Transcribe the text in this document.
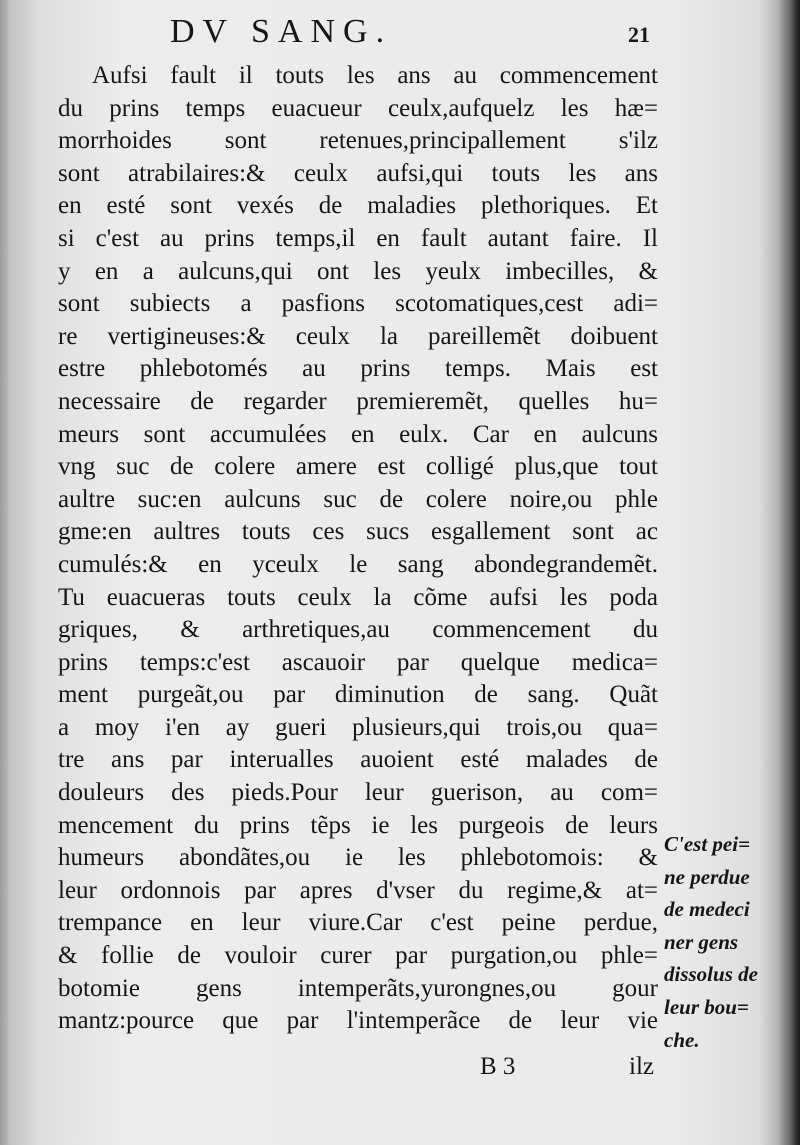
DV SANG.	21
Aufsi fault il touts les ans au commencement
du prins temps euacueur ceulx,aufquelz les hæ=
morrhoides sont retenues,principallement s'ilz
sont atrabilaires:& ceulx aufsi,qui touts les ans
en esté sont vexés de maladies plethoriques. Et
si c'est au prins temps,il en fault autant faire. Il
y en a aulcuns,qui ont les yeulx imbecilles, &
sont subiects a pasfions scotomatiques,cest adi=
re vertigineuses:& ceulx la pareillemẽt doibuent
estre phlebotomés au prins temps. Mais est
necessaire de regarder premieremẽt, quelles hu=
meurs sont accumulées en eulx. Car en aulcuns
vng suc de colere amere est colligé plus,que tout
aultre suc:en aulcuns suc de colere noire,ou phle
gme:en aultres touts ces sucs esgallement sont ac
cumulés:& en yceulx le sang abondegrandemẽt.
Tu euacueras touts ceulx la cõme aufsi les poda
griques, & arthretiques,au commencement du
prins temps:c'est ascauoir par quelque medica=
ment purgeãt,ou par diminution de sang. Quãt
a moy i'en ay gueri plusieurs,qui trois,ou qua=
tre ans par interualles auoient esté malades de
douleurs des pieds.Pour leur guerison, au com=
mencement du prins tẽps ie les purgeois de leurs
humeurs abondãtes,ou ie les phlebotomois: &
leur ordonnois par apres d'vser du regime,& at=
trempance en leur viure.Car c'est peine perdue,
& follie de vouloir curer par purgation,ou phle=
botomie gens intemperãts,yurongnes,ou gour
mantz:pource que par l'intemperãce de leur vie
C'est pei=
ne perdue
de medeci
ner gens
dissolus de
leur bou=
che.
B 3	ilz
